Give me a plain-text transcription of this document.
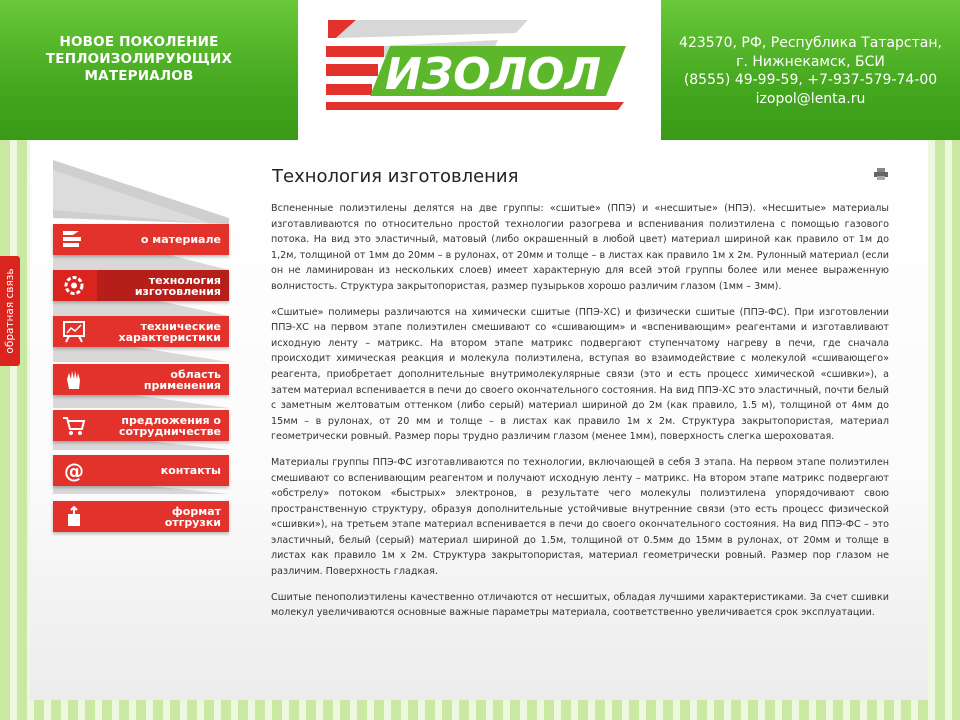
НОВОЕ ПОКОЛЕНИЕ
ТЕПЛОИЗОЛИРУЮЩИХ МАТЕРИАЛОВ	ИЗОЛОЛ
423570, РФ, Республика Татарстан,
г. Нижнекамск, БСИ
(8555) 49-99-59, +7-937-579-74-00
izopol@lenta.ru
обратная связь
о материале
технология
изготовления
технические
характеристики
область
применения
предложения о
сотрудничестве
@	контакты
формат
отгрузки
Технология изготовления

Вспененные полиэтилены делятся на две группы: «сшитые» (ППЭ) и «несшитые» (НПЭ). «Несшитые» материалы изготавливаются по относительно простой технологии разогрева и вспенивания полиэтилена с помощью газового потока. На вид это эластичный, матовый (либо окрашенный в любой цвет) материал шириной как правило от 1м до 1,2м, толщиной от 1мм до 20мм – в рулонах, от 20мм и толще – в листах как правило 1м х 2м. Рулонный материал (если он не ламинирован из нескольких слоев) имеет характерную для всей этой группы более или менее выраженную волнистость. Структура закрытопористая, размер пузырьков хорошо различим глазом (1мм – 3мм).

«Сшитые» полимеры различаются на химически сшитые (ППЭ-ХС) и физически сшитые (ППЭ-ФС). При изготовлении ППЭ-ХС на первом этапе полиэтилен смешивают со «сшивающим» и «вспенивающим» реагентами и изготавливают исходную ленту – матрикс. На втором этапе матрикс подвергают ступенчатому нагреву в печи, где сначала происходит химическая реакция и молекула полиэтилена, вступая во взаимодействие с молекулой «сшивающего» реагента, приобретает дополнительные внутримолекулярные связи (это и есть процесс химической «сшивки»), а затем материал вспенивается в печи до своего окончательного состояния. На вид ППЭ-ХС это эластичный, почти белый с заметным желтоватым оттенком (либо серый) материал шириной до 2м (как правило, 1.5 м), толщиной от 4мм до 15мм – в рулонах, от 20 мм и толще – в листах как правило 1м х 2м. Структура закрытопористая, материал геометрически ровный. Размер поры трудно различим глазом (менее 1мм), поверхность слегка шероховатая.

Материалы группы ППЭ-ФС изготавливаются по технологии, включающей в себя 3 этапа. На первом этапе полиэтилен смешивают со вспенивающим реагентом и получают исходную ленту – матрикс. На втором этапе матрикс подвергают «обстрелу» потоком «быстрых» электронов, в результате чего молекулы полиэтилена упорядочивают свою пространственную структуру, образуя дополнительные устойчивые внутренние связи (это есть процесс физической «сшивки»), на третьем этапе материал вспенивается в печи до своего окончательного состояния. На вид ППЭ-ФС – это эластичный, белый (серый) материал шириной до 1.5м, толщиной от 0.5мм до 15мм в рулонах, от 20мм и толще в листах как правило 1м х 2м. Структура закрытопористая, материал геометрически ровный. Размер пор глазом не различим. Поверхность гладкая.

Сшитые пенополиэтилены качественно отличаются от несшитых, обладая лучшими характеристиками. За счет сшивки молекул увеличиваются основные важные параметры материала, соответственно увеличивается срок эксплуатации.
